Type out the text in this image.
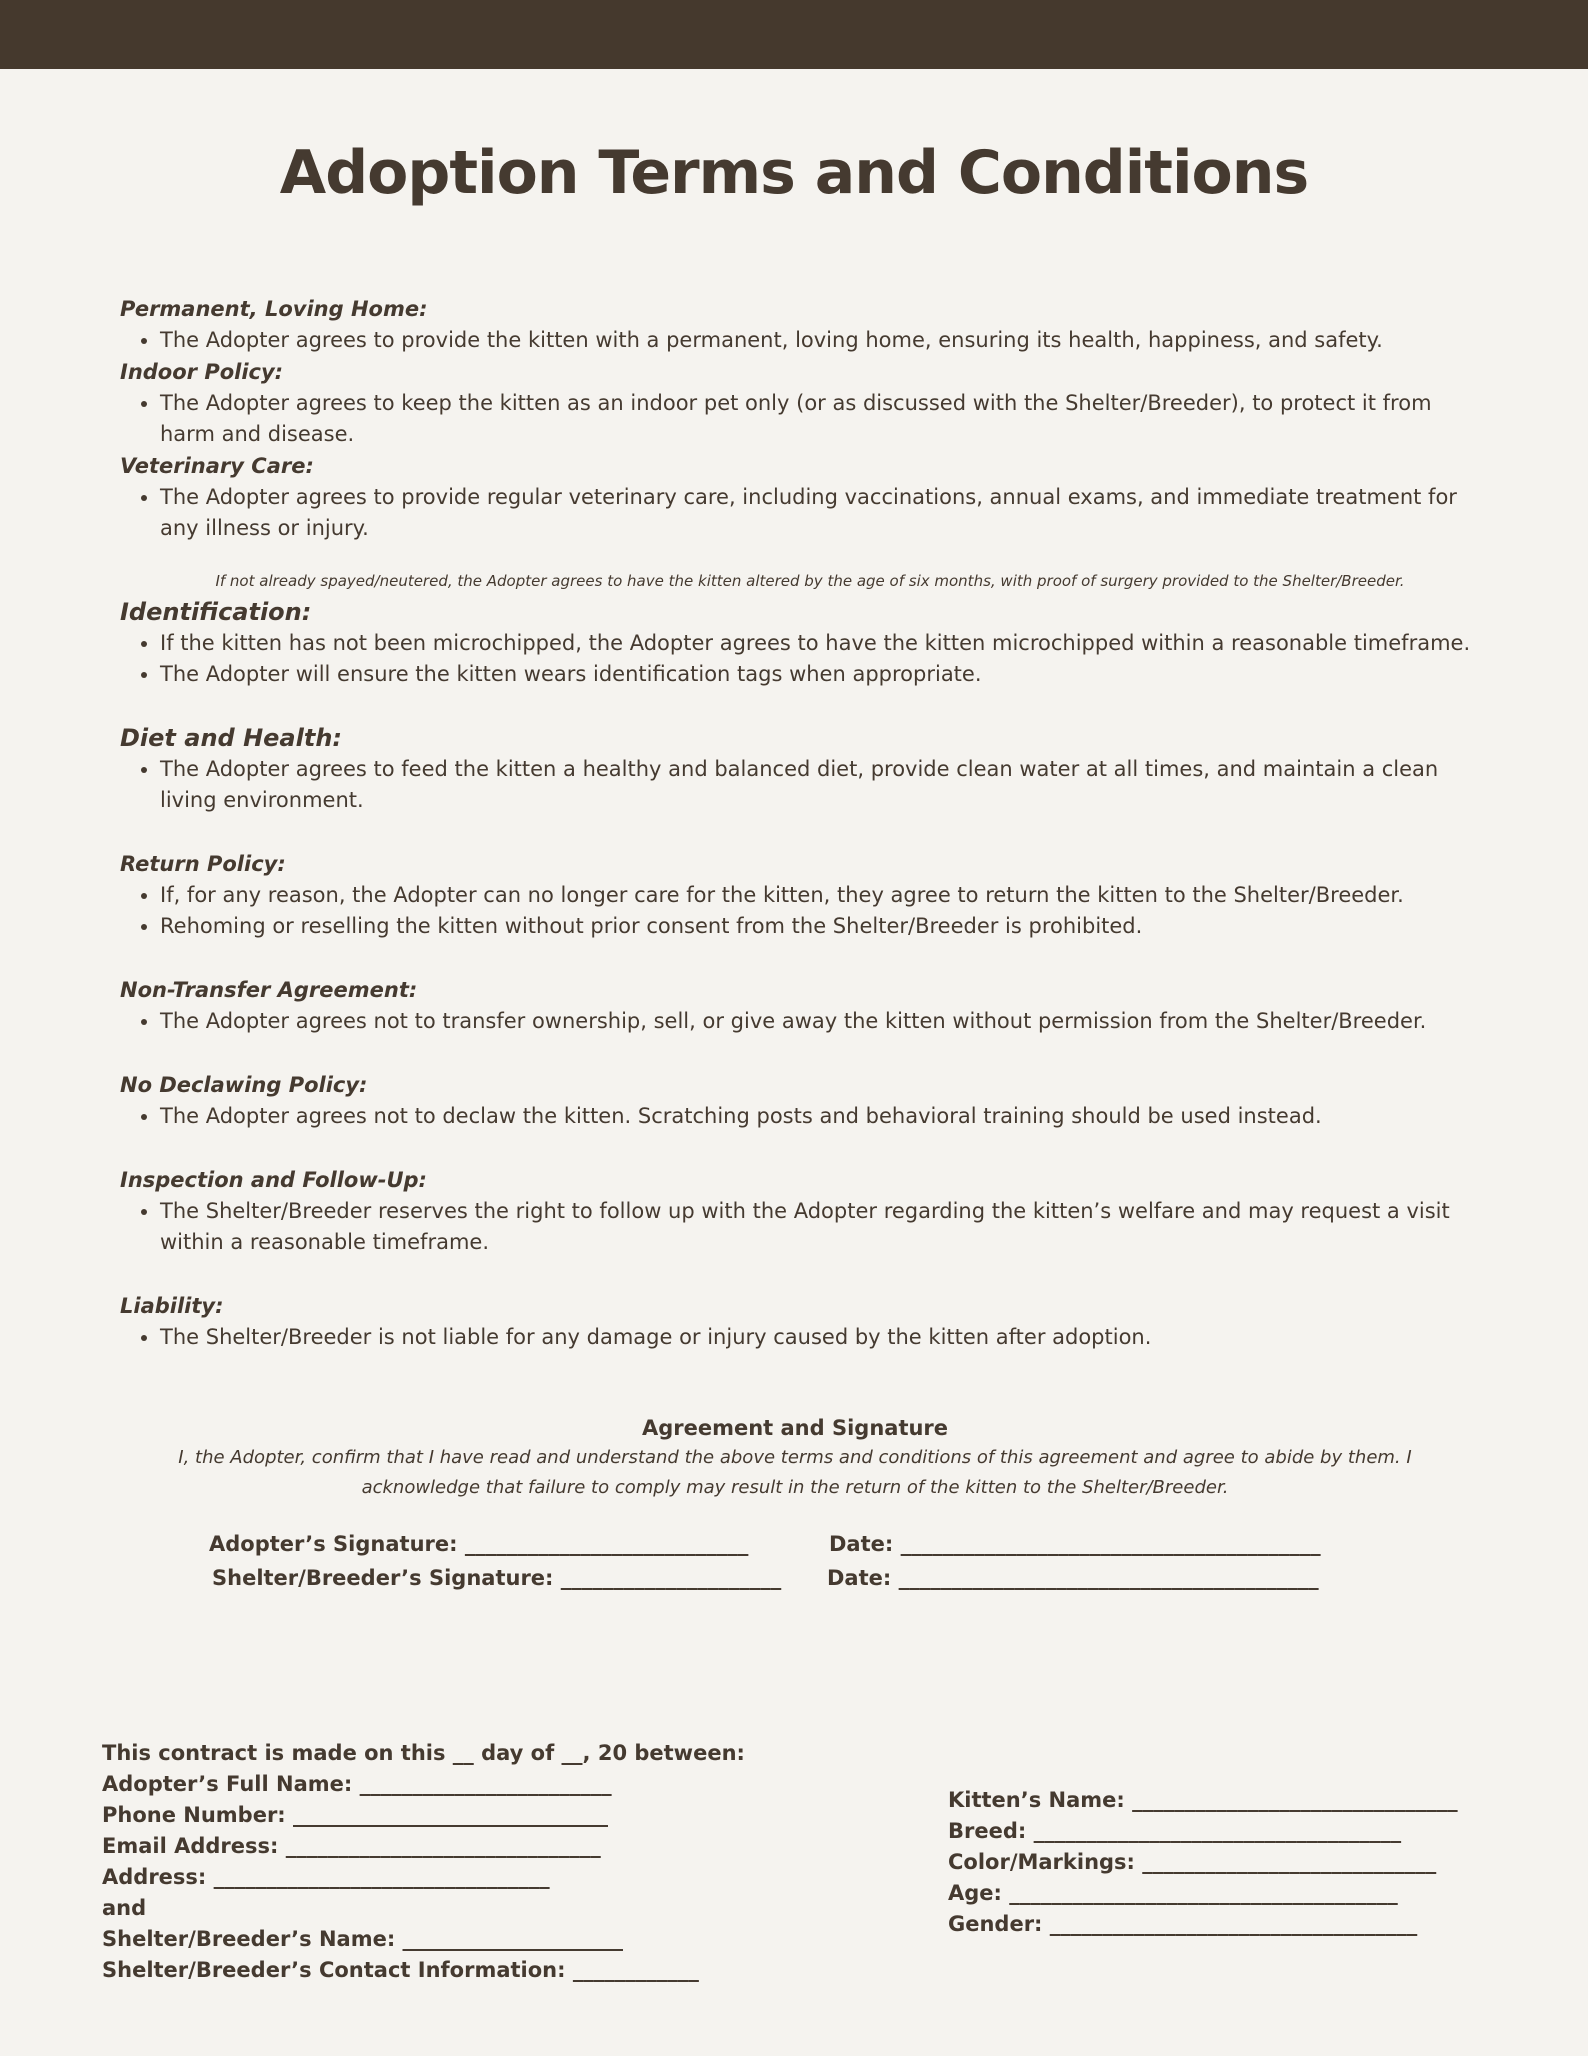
Adoption Terms and Conditions

Permanent, Loving Home:

• The Adopter agrees to provide the kitten with a permanent, loving home, ensuring its health, happiness, and safety.

Indoor Policy:

• The Adopter agrees to keep the kitten as an indoor pet only (or as discussed with the Shelter/Breeder), to protect it from harm and disease.

Veterinary Care:

• The Adopter agrees to provide regular veterinary care, including vaccinations, annual exams, and immediate treatment for any illness or injury.
If not already spayed/neutered, the Adopter agrees to have the kitten altered by the age of six months, with proof of surgery provided to the Shelter/Breeder.

Identification:

• If the kitten has not been microchipped, the Adopter agrees to have the kitten microchipped within a reasonable timeframe.
• The Adopter will ensure the kitten wears identification tags when appropriate.

Diet and Health:

• The Adopter agrees to feed the kitten a healthy and balanced diet, provide clean water at all times, and maintain a clean living environment.

Return Policy:

• If, for any reason, the Adopter can no longer care for the kitten, they agree to return the kitten to the Shelter/Breeder.
• Rehoming or reselling the kitten without prior consent from the Shelter/Breeder is prohibited.

Non-Transfer Agreement:

• The Adopter agrees not to transfer ownership, sell, or give away the kitten without permission from the Shelter/Breeder.

No Declawing Policy:

• The Adopter agrees not to declaw the kitten. Scratching posts and behavioral training should be used instead.

Inspection and Follow-Up:

• The Shelter/Breeder reserves the right to follow up with the Adopter regarding the kitten’s welfare and may request a visit within a reasonable timeframe.

Liability:

• The Shelter/Breeder is not liable for any damage or injury caused by the kitten after adoption.
Agreement and Signature
I, the Adopter, confirm that I have read and understand the above terms and conditions of this agreement and agree to abide by them. I acknowledge that failure to comply may result in the return of the kitten to the Shelter/Breeder.
Adopter’s Signature: ___________________________	Date: ________________________________________
Shelter/Breeder’s Signature: _____________________ Date: ________________________________________
This contract is made on this __ day of __, 20 between:
Adopter’s Full Name: ________________________
Phone Number: ______________________________
Email Address: ______________________________
Address: ________________________________
and
Shelter/Breeder’s Name: _____________________
Shelter/Breeder’s Contact Information: ____________
Kitten’s Name: _______________________________
Breed: ___________________________________
Color/Markings: ____________________________
Age: _____________________________________
Gender: ___________________________________
